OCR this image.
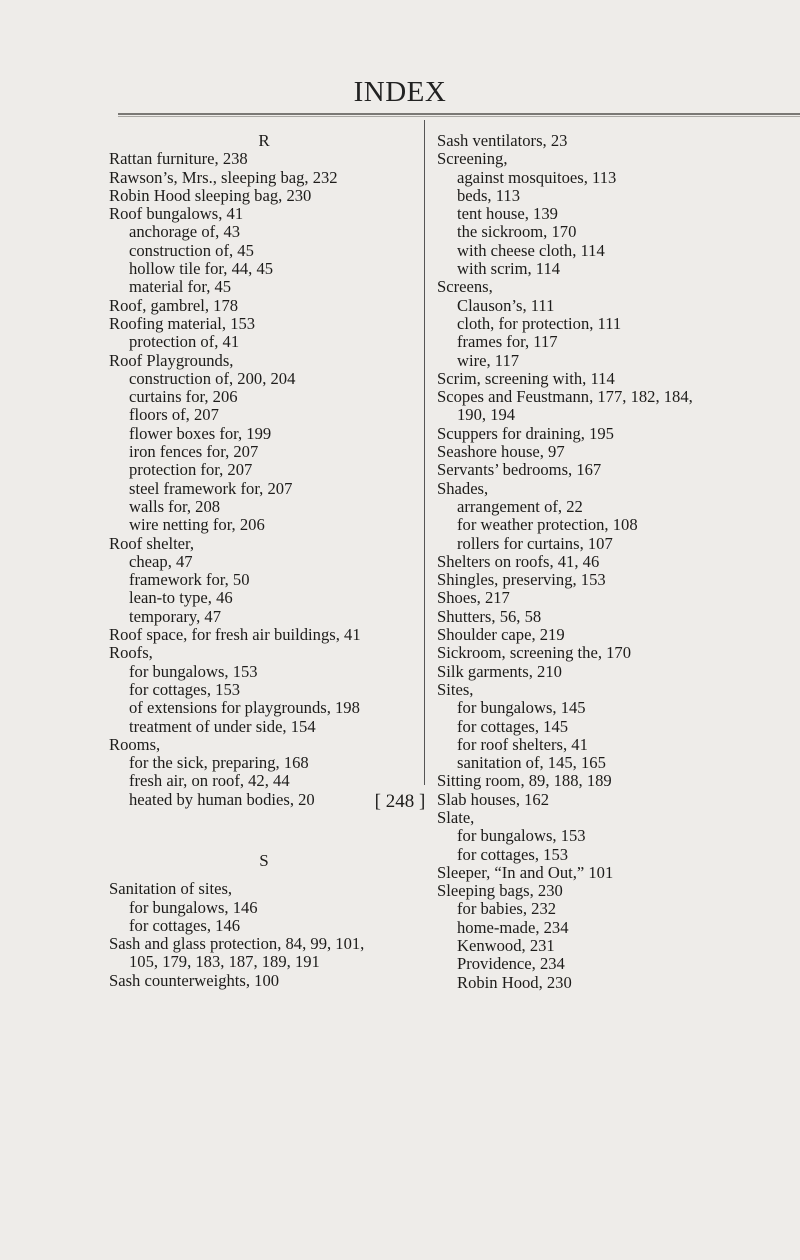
INDEX
R
Rattan furniture, 238
Rawson’s, Mrs., sleeping bag, 232
Robin Hood sleeping bag, 230
Roof bungalows, 41
anchorage of, 43
construction of, 45
hollow tile for, 44, 45
material for, 45
Roof, gambrel, 178
Roofing material, 153
protection of, 41
Roof Playgrounds,
construction of, 200, 204
curtains for, 206
floors of, 207
flower boxes for, 199
iron fences for, 207
protection for, 207
steel framework for, 207
walls for, 208
wire netting for, 206
Roof shelter,
cheap, 47
framework for, 50
lean-to type, 46
temporary, 47
Roof space, for fresh air buildings, 41
Roofs,
for bungalows, 153
for cottages, 153
of extensions for playgrounds, 198
treatment of under side, 154
Rooms,
for the sick, preparing, 168
fresh air, on roof, 42, 44
heated by human bodies, 20
S
Sanitation of sites,
for bungalows, 146
for cottages, 146
Sash and glass protection, 84, 99, 101,
105, 179, 183, 187, 189, 191
Sash counterweights, 100
Sash ventilators, 23
Screening,
against mosquitoes, 113
beds, 113
tent house, 139
the sickroom, 170
with cheese cloth, 114
with scrim, 114
Screens,
Clauson’s, 111
cloth, for protection, 111
frames for, 117
wire, 117
Scrim, screening with, 114
Scopes and Feustmann, 177, 182, 184,
190, 194
Scuppers for draining, 195
Seashore house, 97
Servants’ bedrooms, 167
Shades,
arrangement of, 22
for weather protection, 108
rollers for curtains, 107
Shelters on roofs, 41, 46
Shingles, preserving, 153
Shoes, 217
Shutters, 56, 58
Shoulder cape, 219
Sickroom, screening the, 170
Silk garments, 210
Sites,
for bungalows, 145
for cottages, 145
for roof shelters, 41
sanitation of, 145, 165
Sitting room, 89, 188, 189
Slab houses, 162
Slate,
for bungalows, 153
for cottages, 153
Sleeper, “In and Out,” 101
Sleeping bags, 230
for babies, 232
home-made, 234
Kenwood, 231
Providence, 234
Robin Hood, 230
[ 248 ]
